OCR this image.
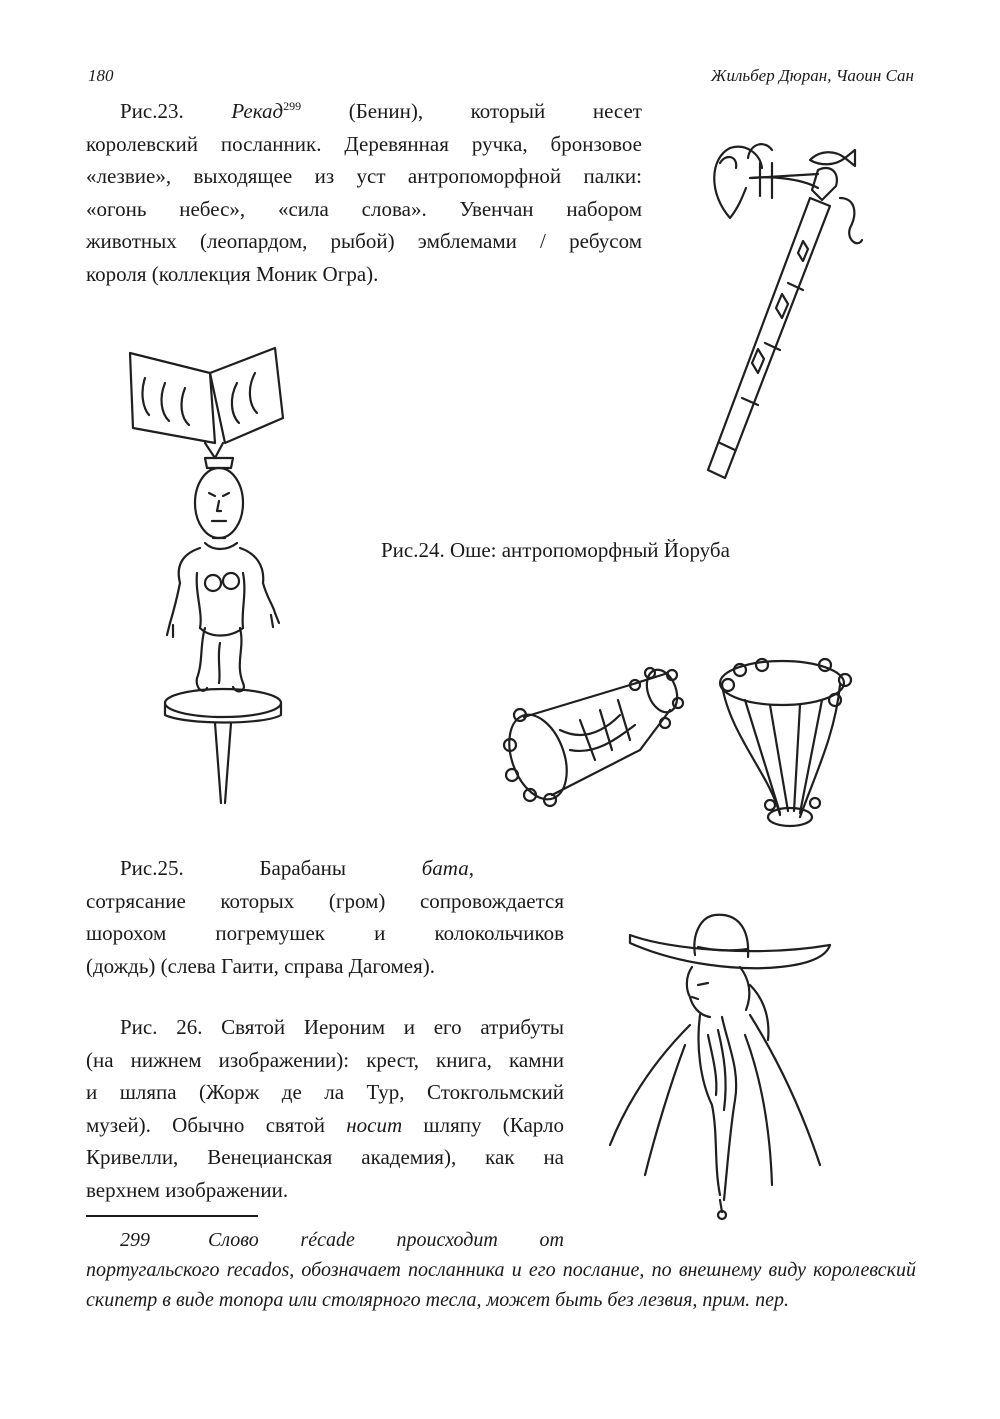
180	Жильбер Дюран, Чаоин Сан
Рис.23. Рекад$^{299}$ (Бенин), который несет
королевский посланник. Деревянная ручка, бронзовое
«лезвие», выходящее из уст антропоморфной палки:
«огонь небес», «сила слова». Увенчан набором
животных (леопардом, рыбой) эмблемами / ребусом
короля (коллекция Моник Огра).
Рис.24. Оше: антропоморфный Йоруба
Рис.25.	Барабаны	бата,
сотрясание которых (гром) сопровождается
шорохом погремушек и колокольчиков
(дождь) (слева Гаити, справа Дагомея).
Рис. 26. Святой Иероним и его атрибуты
(на нижнем изображении): крест, книга, камни
и шляпа (Жорж де ла Тур, Стокгольмский
музей). Обычно святой носит шляпу (Карло
Кривелли, Венецианская академия), как на
верхнем изображении.
299	Слово récade происходит от
португальского recados, обозначает посланника и его послание, по внешнему виду королевский скипетр в виде топора или столярного тесла, может быть без лезвия, прим. пер.
